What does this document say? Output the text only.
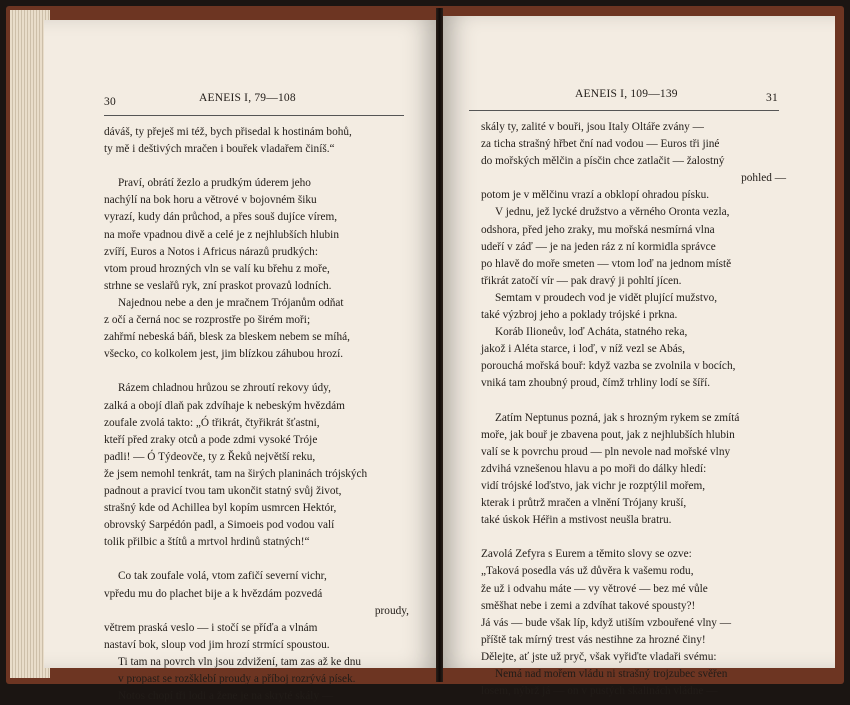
30	AENEIS I, 79—108
dáváš, ty přeješ mi též, bych přisedal k hostinám bohů,
ty mě i deštivých mračen i bouřek vladařem činíš.“
Praví, obrátí žezlo a prudkým úderem jeho
nachýlí na bok horu a větrové v bojovném šiku
vyrazí, kudy dán průchod, a přes souš dujíce vírem,
na moře vpadnou divě a celé je z nejhlubších hlubin
zvíří, Euros a Notos i Africus nárazů prudkých:
vtom proud hrozných vln se valí ku břehu z moře,
strhne se veslařů ryk, zní praskot provazů lodních.
Najednou nebe a den je mračnem Trójanům odňat
z očí a černá noc se rozprostře po širém moři;
zahřmí nebeská báň, blesk za bleskem nebem se míhá,
všecko, co kolkolem jest, jim blízkou záhubou hrozí.
Rázem chladnou hrůzou se zhroutí rekovy údy,
zalká a obojí dlaň pak zdvíhaje k nebeským hvězdám
zoufale zvolá takto: „Ó třikrát, čtyřikrát šťastni,
kteří před zraky otců a pode zdmi vysoké Tróje
padli! — Ó Týdeovče, ty z Řeků největší reku,
že jsem nemohl tenkrát, tam na širých planinách trójských
padnout a pravicí tvou tam ukončit statný svůj život,
strašný kde od Achillea byl kopím usmrcen Hektór,
obrovský Sarpédón padl, a Simoeis pod vodou valí
tolik přilbic a štítů a mrtvol hrdinů statných!“
Co tak zoufale volá, vtom zafičí severní vichr,
vpředu mu do plachet bije a k hvězdám pozvedá
proudy,
větrem praská veslo — i stočí se příďa a vlnám
nastaví bok, sloup vod jim hrozí strmící spoustou.
Ti tam na povrch vln jsou zdvižení, tam zas až ke dnu
v propast se rozšklebí proudy a příboj rozrývá písek.
Notos chopí tři lodi a žene je na skryté skály —
AENEIS I, 109—139	31
skály ty, zalité v bouři, jsou Italy Oltáře zvány —
za ticha strašný hřbet ční nad vodou — Euros tři jiné
do mořských mělčin a písčin chce zatlačit — žalostný
pohled —
potom je v mělčinu vrazí a obklopí ohradou písku.
V jednu, jež lycké družstvo a věrného Oronta vezla,
odshora, před jeho zraky, mu mořská nesmírná vlna
udeří v záď — je na jeden ráz z ní kormidla správce
po hlavě do moře smeten — vtom loď na jednom místě
třikrát zatočí vír — pak dravý ji pohltí jícen.
Semtam v proudech vod je vidět plující mužstvo,
také výzbroj jeho a poklady trójské i prkna.
Koráb Ilioneův, loď Acháta, statného reka,
jakož i Aléta starce, i loď, v níž vezl se Abás,
porouchá mořská bouř: když vazba se zvolnila v bocích,
vniká tam zhoubný proud, čímž trhliny lodí se šíří.
Zatím Neptunus pozná, jak s hrozným rykem se zmítá
moře, jak bouř je zbavena pout, jak z nejhlubších hlubin
valí se k povrchu proud — pln nevole nad mořské vlny
zdvihá vznešenou hlavu a po moři do dálky hledí:
vidí trójské loďstvo, jak vichr je rozptýlil mořem,
kterak i průtrž mračen a vlnění Trójany kruší,
také úskok Héřin a mstivost neušla bratru.
Zavolá Zefyra s Eurem a těmito slovy se ozve:
„Taková posedla vás už důvěra k vašemu rodu,
že už i odvahu máte — vy větrové — bez mé vůle
směšhat nebe i zemi a zdvíhat takové spousty?!
Já vás — bude však líp, když utiším vzbouřené vlny —
příště tak mírný trest vás nestihne za hrozné činy!
Dělejte, ať jste už pryč, však vyřiďte vladaři svému:
Nemá nad mořem vládu ni strašný trojzubec svěřen
losem, nýbrž já — on v pustých skalinách vládne —
